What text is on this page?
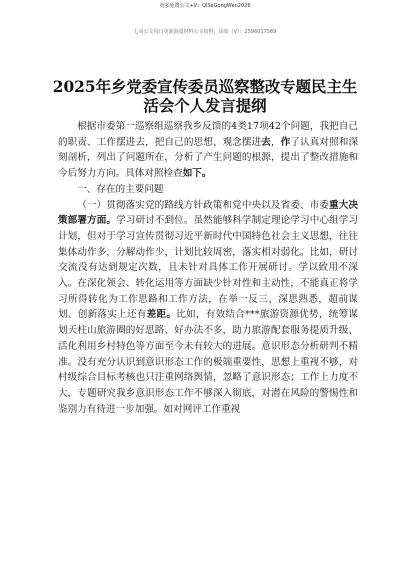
更多免费公文+V：QiSeGongWen2026
七哥公文每日更新海量材料公文资料，添加（V）：2596017569
2025年乡党委宣传委员巡察整改专题民主生活会个人发言提纲

根据市委第一巡察组巡察我乡反馈的4类17项42个问题，我把自己的职责、工作摆进去，把自己的思想、观念摆进去，作了认真对照和深刻剖析，列出了问题所在，分析了产生问题的根源，提出了整改措施和今后努力方向。具体对照检查如下。

一、存在的主要问题

（一）贯彻落实党的路线方针政策和党中央以及省委、市委重大决策部署方面。学习研讨不到位。虽然能够科学制定理论学习中心组学习计划，但对于学习宣传贯彻习近平新时代中国特色社会主义思想，往往集体动作多，分解动作少，计划比较周密，落实相对弱化。比如，研讨交流没有达到规定次数，且未针对具体工作开展研讨。学以致用不深入。在深化领会、转化运用等方面缺少针对性和主动性，不能真正将学习所得转化为工作思路和工作方法，在举一反三、深思熟悉，超前谋划、创新落实上还有差距。比如，有效结合***旅游资源优势，统筹谋划天柱山旅游圈的好思路、好办法不多，助力旅游配套服务提质升级、活化利用乡村特色等方面至今未有较大的进展。意识形态分析研判不精准。没有充分认识到意识形态工作的极端重要性，思想上重视不够，对村级综合目标考核也只注重网络舆情，忽略了意识形态；工作上力度不大，专题研究我乡意识形态工作不够深入彻底，对潜在风险的警惕性和鉴别力有待进一步加强。如对网评工作重视
